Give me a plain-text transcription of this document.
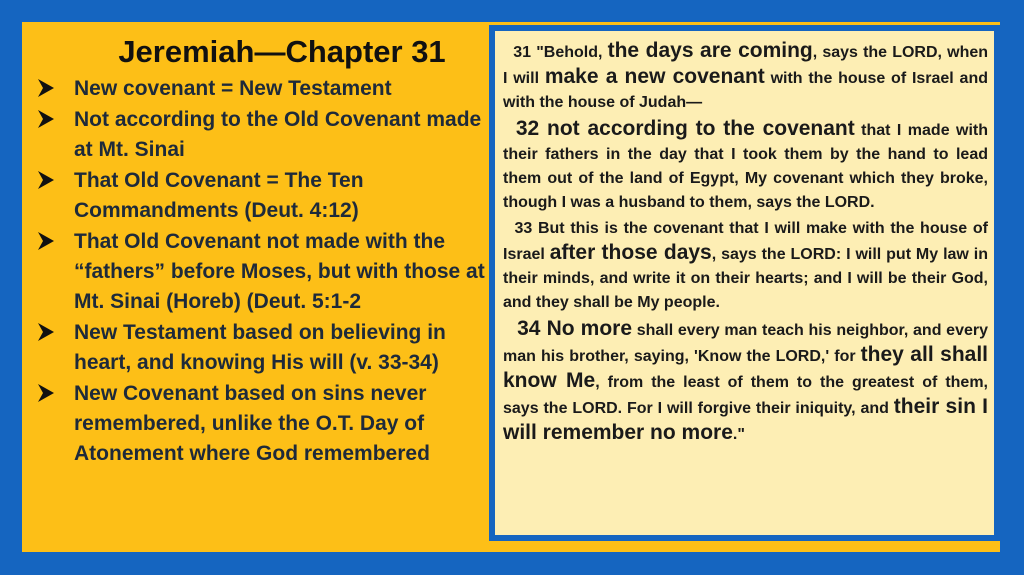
Jeremiah—Chapter 31
New covenant = New Testament
Not according to the Old Covenant made at Mt. Sinai
That Old Covenant = The Ten Commandments (Deut. 4:12)
That Old Covenant not made with the “fathers” before Moses, but with those at Mt. Sinai (Horeb) (Deut. 5:1-2
New Testament based on believing in heart, and knowing His will (v. 33-34)
New Covenant based on sins never remembered, unlike the O.T. Day of Atonement where God remembered

31 "Behold, the days are coming, says the LORD, when I will make a new covenant with the house of Israel and with the house of Judah—

32 not according to the covenant that I made with their fathers in the day that I took them by the hand to lead them out of the land of Egypt, My covenant which they broke, though I was a husband to them, says the LORD.

33 But this is the covenant that I will make with the house of Israel after those days, says the LORD: I will put My law in their minds, and write it on their hearts; and I will be their God, and they shall be My people.

34 No more shall every man teach his neighbor, and every man his brother, saying, 'Know the LORD,' for they all shall know Me, from the least of them to the greatest of them, says the LORD. For I will forgive their iniquity, and their sin I will remember no more."
